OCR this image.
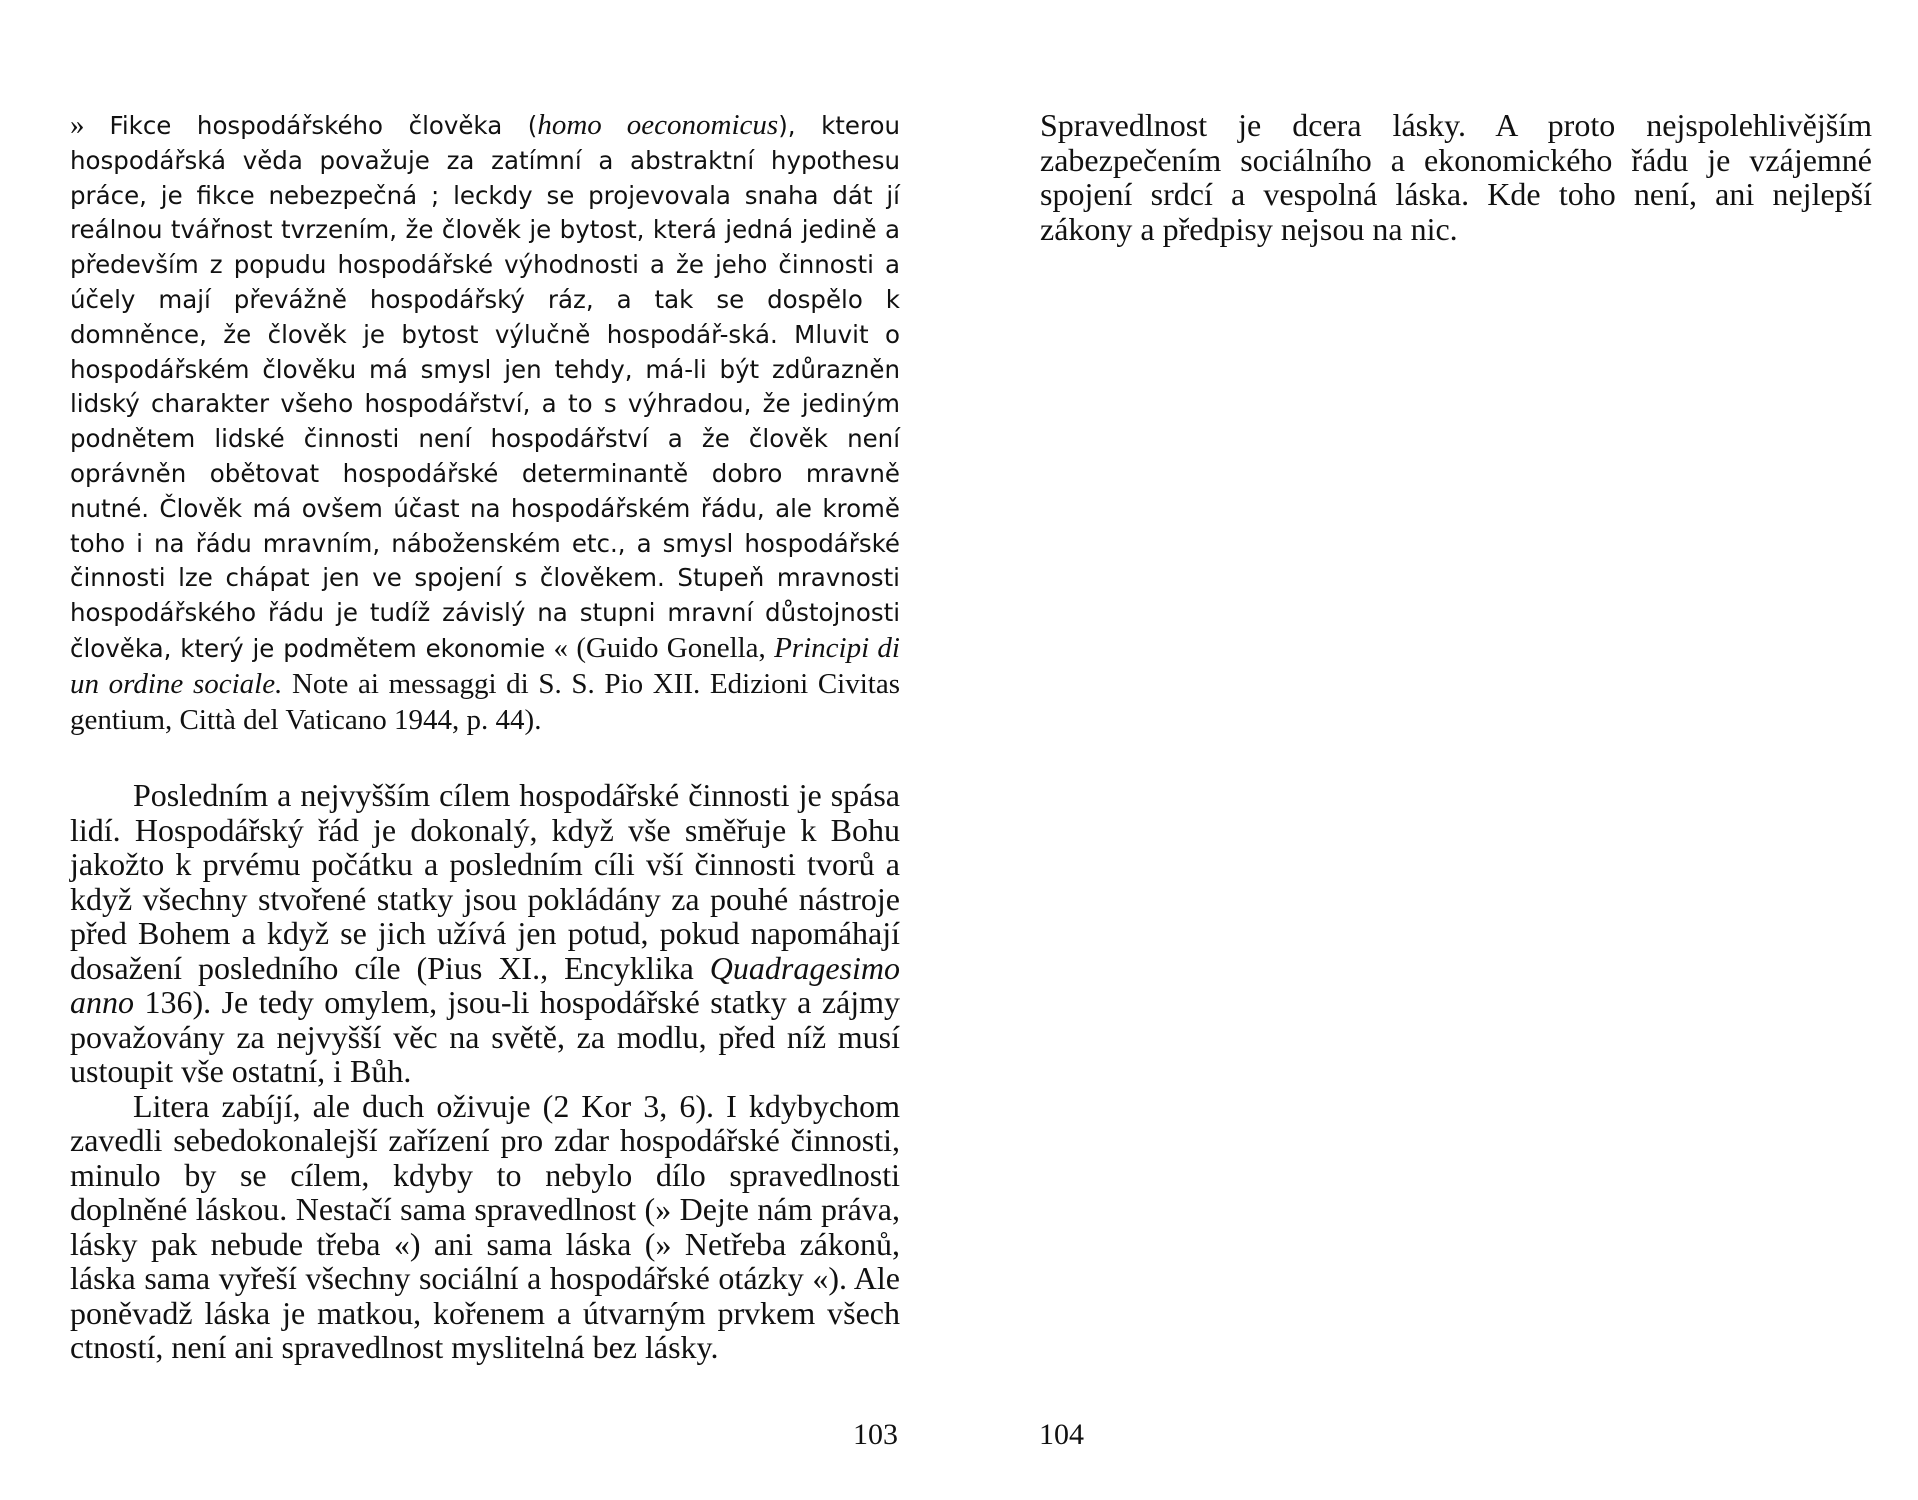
» Fikce hospodářského člověka (homo oeconomicus), kterou hospodářská věda považuje za zatímní a abstraktní hypothesu práce, je fikce nebezpečná ; leckdy se projevovala snaha dát jí reálnou tvářnost tvrzením, že člověk je bytost, která jedná jedině a především z popudu hospodářské výhodnosti a že jeho činnosti a účely mají převážně hospodářský ráz, a tak se dospělo k domněnce, že člověk je bytost výlučně hospodář-ská. Mluvit o hospodářském člověku má smysl jen tehdy, má-li být zdůrazněn lidský charakter všeho hospodářství, a to s výhradou, že jediným podnětem lidské činnosti není hospodářství a že člověk není oprávněn obětovat hospodářské determinantě dobro mravně nutné. Člověk má ovšem účast na hospodářském řádu, ale kromě toho i na řádu mravním, náboženském etc., a smysl hospodářské činnosti lze chápat jen ve spojení s člověkem. Stupeň mravnosti hospodářského řádu je tudíž závislý na stupni mravní důstojnosti člověka, který je podmětem ekonomie « (Guido Gonella, Principi di un ordine sociale. Note ai messaggi di S. S. Pio XII. Edizioni Civitas gentium, Città del Vaticano 1944, p. 44).

Posledním a nejvyšším cílem hospodářské činnosti je spása lidí. Hospodářský řád je dokonalý, když vše směřuje k Bohu jakožto k prvému počátku a posledním cíli vší činnosti tvorů a když všechny stvořené statky jsou pokládány za pouhé nástroje před Bohem a když se jich užívá jen potud, pokud napomáhají dosažení posledního cíle (Pius XI., Encyklika Quadragesimo anno 136). Je tedy omylem, jsou-li hospodářské statky a zájmy považovány za nejvyšší věc na světě, za modlu, před níž musí ustoupit vše ostatní, i Bůh.

Litera zabíjí, ale duch oživuje (2 Kor 3, 6). I kdybychom zavedli sebedokonalejší zařízení pro zdar hospodářské činnosti, minulo by se cílem, kdyby to nebylo dílo spravedlnosti doplněné láskou. Nestačí sama spravedlnost (» Dejte nám práva, lásky pak nebude třeba «) ani sama láska (» Netřeba zákonů, láska sama vyřeší všechny sociální a hospodářské otázky «). Ale poněvadž láska je matkou, kořenem a útvarným prvkem všech ctností, není ani spravedlnost myslitelná bez lásky.

103

Spravedlnost je dcera lásky. A proto nejspolehlivějším zabezpečením sociálního a ekonomického řádu je vzájemné spojení srdcí a vespolná láska. Kde toho není, ani nejlepší zákony a předpisy nejsou na nic.

104
